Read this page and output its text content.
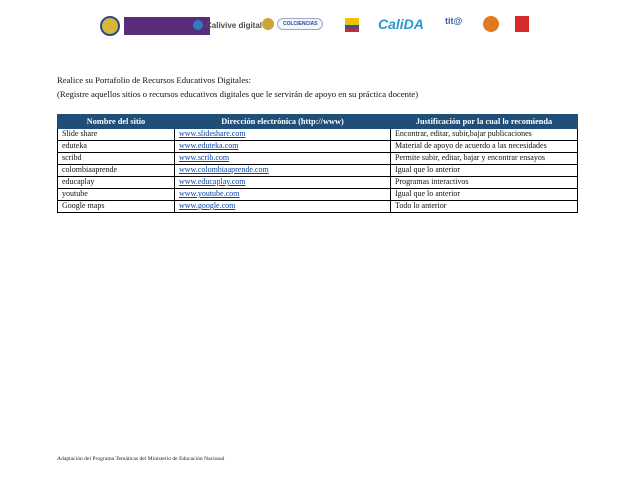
Calivive digital	COLCIENCIAS	CaliDA tit@
Realice su Portafolio de Recursos Educativos Digitales:
(Registre aquellos sitios o recursos educativos digitales que le servirán de apoyo en su práctica docente)
Nombre del sitio	Dirección electrónica (http://www)	Justificación por la cual lo recomienda
Slide share	www.slideshare.com	Encontrar, editar, subir,bajar publicaciones
eduteka	www.eduteka.com	Material de apoyo de acuerdo a las necesidades
scribd	www.scrib.com	Permite subir, editar, bajar y encontrar ensayos
colombiaaprende	www.colombiaaprende.com	Igual que lo anterior
educaplay	www.educaplay.com	Programas interactivos
youtube	www.youtube.com	Igual que lo anterior
Google maps	www.google.com	Todo lo anterior
Adaptación del Programa Temáticas del Ministerio de Educación Nacional
